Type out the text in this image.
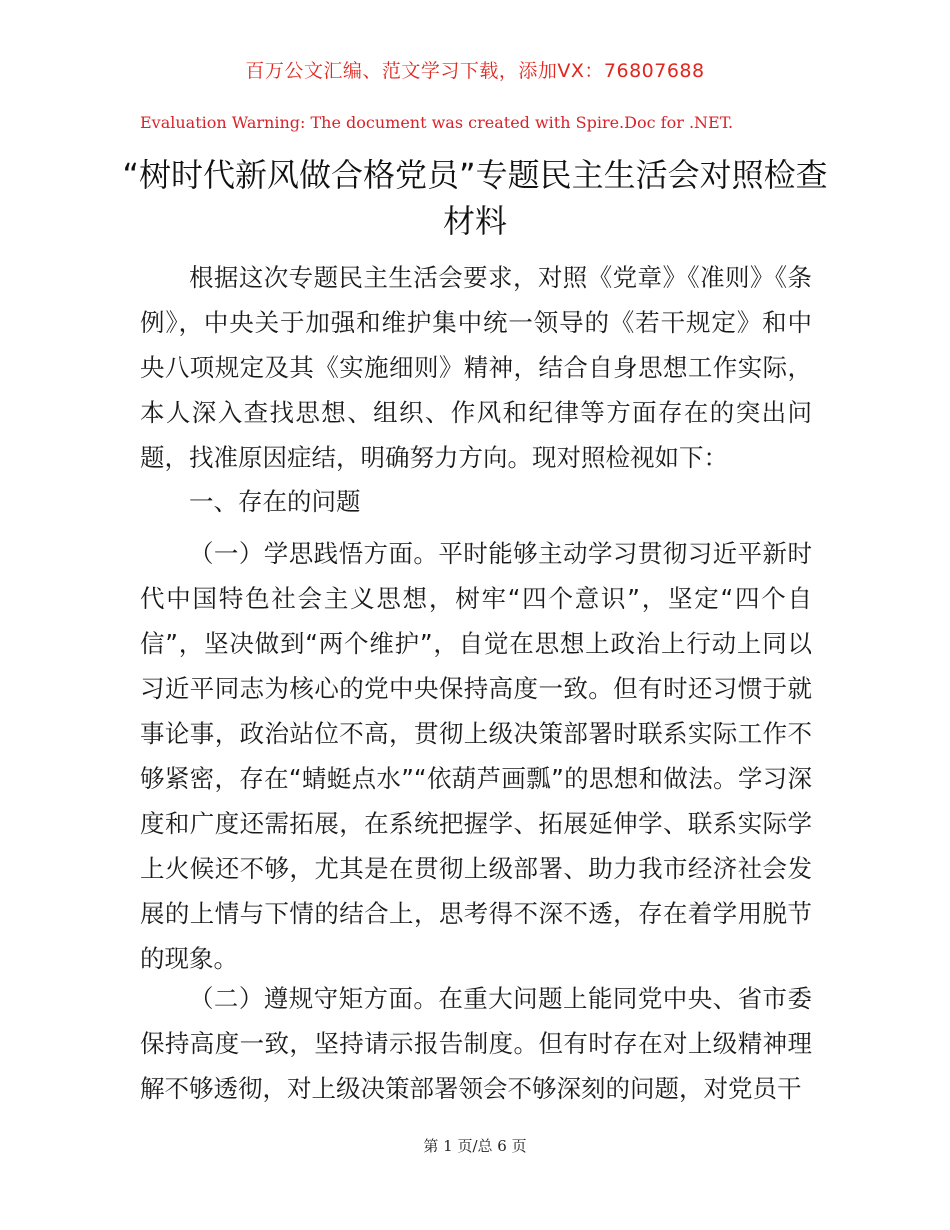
百万公文汇编、范文学习下载，添加VX：76807688
Evaluation Warning: The document was created with Spire.Doc for .NET.
“树时代新风做合格党员”专题民主生活会对照检查材料

根据这次专题民主生活会要求，对照《党章》《准则》《条例》，中央关于加强和维护集中统一领导的《若干规定》和中央八项规定及其《实施细则》精神，结合自身思想工作实际，本人深入查找思想、组织、作风和纪律等方面存在的突出问题，找准原因症结，明确努力方向。现对照检视如下：

一、存在的问题

（一）学思践悟方面。平时能够主动学习贯彻习近平新时代中国特色社会主义思想，树牢“四个意识”，坚定“四个自信”，坚决做到“两个维护”，自觉在思想上政治上行动上同以习近平同志为核心的党中央保持高度一致。但有时还习惯于就事论事，政治站位不高，贯彻上级决策部署时联系实际工作不够紧密，存在“蜻蜓点水”“依葫芦画瓢”的思想和做法。学习深度和广度还需拓展，在系统把握学、拓展延伸学、联系实际学上火候还不够，尤其是在贯彻上级部署、助力我市经济社会发展的上情与下情的结合上，思考得不深不透，存在着学用脱节的现象。

（二）遵规守矩方面。在重大问题上能同党中央、省市委保持高度一致，坚持请示报告制度。但有时存在对上级精神理解不够透彻，对上级决策部署领会不够深刻的问题，对党员干

第 1 页/总 6 页
